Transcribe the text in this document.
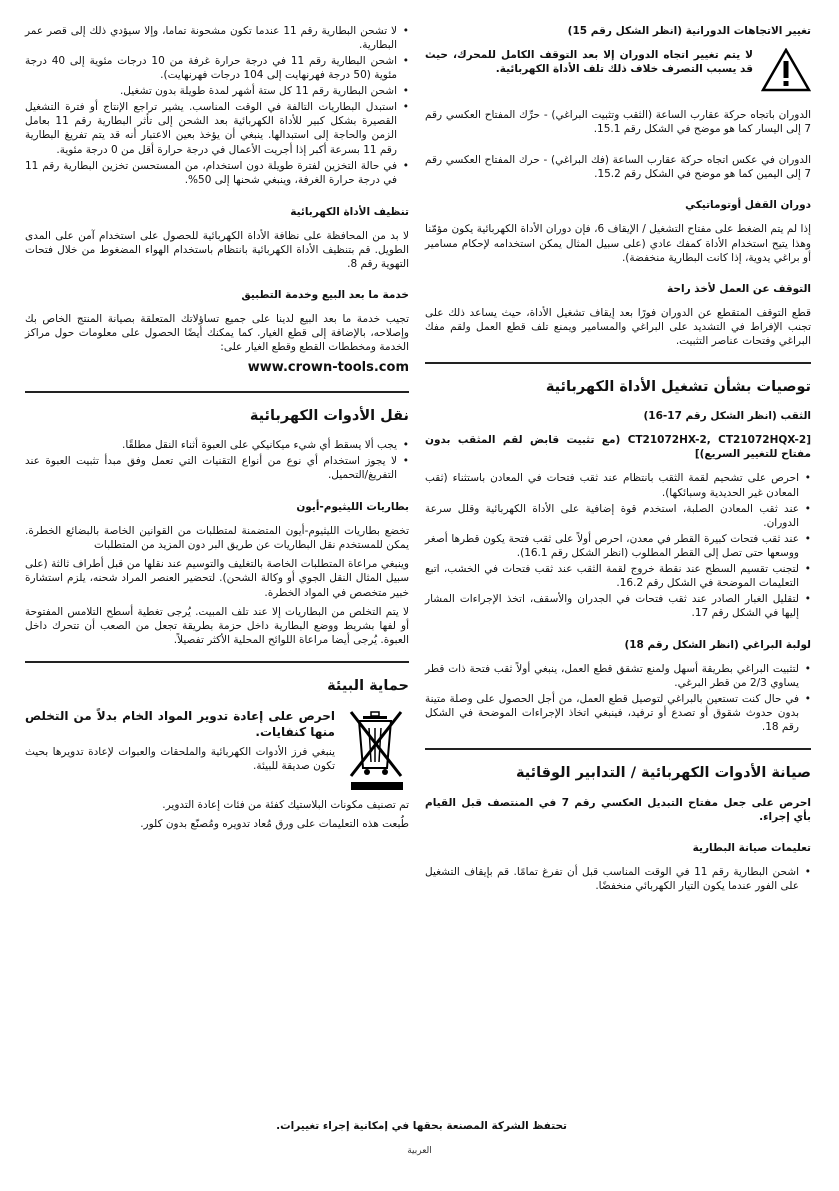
تغيير الاتجاهات الدورانية (انظر الشكل رقم 15)
لا يتم تغيير اتجاه الدوران إلا بعد التوقف الكامل للمحرك، حيث قد يسبب التصرف خلاف ذلك تلف الأداة الكهربائية.

الدوران باتجاه حركة عقارب الساعة (الثقب وتثبيت البراغي) - حرِّك المفتاح العكسي رقم 7 إلى اليسار كما هو موضح في الشكل رقم 15.1.

الدوران في عكس اتجاه حركة عقارب الساعة (فك البراغي) - حرك المفتاح العكسي رقم 7 إلى اليمين كما هو موضح في الشكل رقم 15.2.

دوران القفل أوتوماتيكي

إذا لم يتم الضغط على مفتاح التشغيل / الإيقاف 6، فإن دوران الأداة الكهربائية يكون مؤمّنا وهذا يتيح استخدام الأداة كمفك عادي (على سبيل المثال يمكن استخدامه لإحكام مسامير أو براغي يدوية، إذا كانت البطارية منخفضة).

التوقف عن العمل لأخذ راحة

قطع التوقف المتقطع عن الدوران فورًا بعد إيقاف تشغيل الأداة، حيث يساعد ذلك على تجنب الإفراط في التشديد على البراغي والمسامير ويمنع تلف قطع العمل ولقم مفك البراغي وفتحات عناصر التثبيت.

توصيات بشأن تشغيل الأداة الكهربائية
الثقب (انظر الشكل رقم 17-16)
[CT21072HX-2, CT21072HQX-2 (مع تثبيت قابض لقم المثقب بدون مفتاح للتغيير السريع)]
• احرص على تشحيم لقمة الثقب بانتظام عند ثقب فتحات في المعادن باستثناء (ثقب المعادن غير الحديدية وسبائكها).
• عند ثقب المعادن الصلبة، استخدم قوة إضافية على الأداة الكهربائية وقلل سرعة الدوران.
• عند ثقب فتحات كبيرة القطر في معدن، احرص أولاً على ثقب فتحة يكون قطرها أصغر ووسعها حتى تصل إلى القطر المطلوب (انظر الشكل رقم 16.1).
• لتجنب تقسيم السطح عند نقطة خروج لقمة الثقب عند ثقب فتحات في الخشب، اتبع التعليمات الموضحة في الشكل رقم 16.2.
• لتقليل الغبار الصادر عند ثقب فتحات في الجدران والأسقف، اتخذ الإجراءات المشار إليها في الشكل رقم 17.
لولبة البراغي (انظر الشكل رقم 18)
• لتثبيت البراغي بطريقة أسهل ولمنع تشقق قطع العمل، ينبغي أولاً ثقب فتحة ذات قطر يساوي 2/3 من قطر البرغي.
• في حال كنت تستعين بالبراغي لتوصيل قطع العمل، من أجل الحصول على وصلة متينة بدون حدوث شقوق أو تصدع أو ترفيد، فينبغي اتخاذ الإجراءات الموضحة في الشكل رقم 18.
صيانة الأدوات الكهربائية / التدابير الوقائية

احرص على جعل مفتاح التبديل العكسي رقم 7 في المنتصف قبل القيام بأي إجراء.

تعليمات صيانة البطارية
• اشحن البطارية رقم 11 في الوقت المناسب قبل أن تفرغ تمامًا. قم بإيقاف التشغيل على الفور عندما يكون التيار الكهربائي منخفضًا.
• لا تشحن البطارية رقم 11 عندما تكون مشحونة تماما، وإلا سيؤدي ذلك إلى قصر عمر البطارية.
• اشحن البطارية رقم 11 في درجة حرارة غرفة من 10 درجات مئوية إلى 40 درجة مئوية (50 درجة فهرنهايت إلى 104 درجات فهرنهايت).
• اشحن البطارية رقم 11 كل ستة أشهر لمدة طويلة بدون تشغيل.
• استبدل البطاريات التالفة في الوقت المناسب. يشير تراجع الإنتاج أو فترة التشغيل القصيرة بشكل كبير للأداة الكهربائية بعد الشحن إلى تأثر البطارية رقم 11 بعامل الزمن والحاجة إلى استبدالها. ينبغي أن يؤخذ بعين الاعتبار أنه قد يتم تفريغ البطارية رقم 11 بسرعة أكبر إذا أجريت الأعمال في درجة حرارة أقل من 0 درجة مئوية.
• في حالة التخزين لفترة طويلة دون استخدام، من المستحسن تخزين البطارية رقم 11 في درجة حرارة الغرفة، وينبغي شحنها إلى 50%.
تنظيف الأداة الكهربائية

لا بد من المحافظة على نظافة الأداة الكهربائية للحصول على استخدام آمن على المدى الطويل. قم بتنظيف الأداة الكهربائية بانتظام باستخدام الهواء المضغوط من خلال فتحات التهوية رقم 8.

خدمة ما بعد البيع وخدمة التطبيق

تجيب خدمة ما بعد البيع لدينا على جميع تساؤلاتك المتعلقة بصيانة المنتج الخاص بك وإصلاحه، بالإضافة إلى قطع الغيار. كما يمكنك أيضًا الحصول على معلومات حول مراكز الخدمة ومخططات القطع وقطع الغيار على:

www.crown-tools.com

نقل الأدوات الكهربائية
• يجب ألا يسقط أي شيء ميكانيكي على العبوة أثناء النقل مطلقًا.
• لا يجوز استخدام أي نوع من أنواع التقنيات التي تعمل وفق مبدأ تثبيت العبوة عند التفريغ/التحميل.
بطاريات الليثيوم-أيون

تخضع بطاريات الليثيوم-أيون المتضمنة لمتطلبات من القوانين الخاصة بالبضائع الخطرة. يمكن للمستخدم نقل البطاريات عن طريق البر دون المزيد من المتطلبات

وينبغي مراعاة المتطلبات الخاصة بالتغليف والتوسيم عند نقلها من قبل أطراف ثالثة (على سبيل المثال النقل الجوي أو وكالة الشحن). لتحضير العنصر المراد شحنه، يلزم استشارة خبير متخصص في المواد الخطرة.

لا يتم التخلص من البطاريات إلا عند تلف المبيت. يُرجى تغطية أسطح التلامس المفتوحة أو لفها بشريط ووضع البطارية داخل حزمة بطريقة تجعل من الصعب أن تتحرك داخل العبوة. يُرجى أيضا مراعاة اللوائح المحلية الأكثر تفصيلاً.

حماية البيئة

احرص على إعادة تدوير المواد الخام بدلاً من التخلص منها كنفايات.

ينبغي فرز الأدوات الكهربائية والملحقات والعبوات لإعادة تدويرها بحيث تكون صديقة للبيئة.

تم تصنيف مكونات البلاستيك كفئة من فئات إعادة التدوير.

طُبعت هذه التعليمات على ورق مُعاد تدويره ومُصنّع بدون كلور.

تحتفظ الشركة المصنعة بحقها في إمكانية إجراء تغييرات.
العربية
